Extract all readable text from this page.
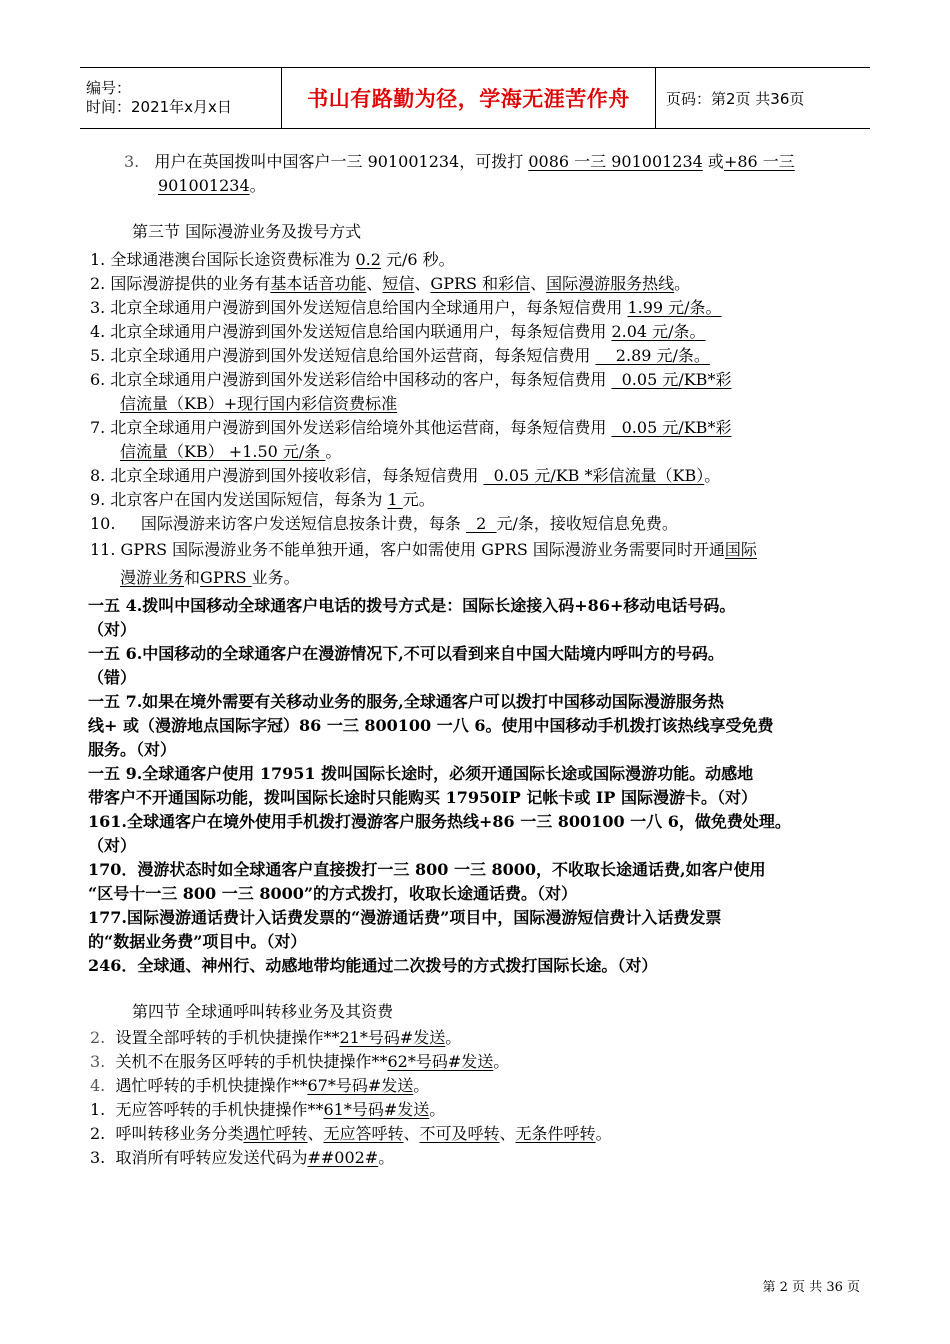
编号：
时间：2021年x月x日	书山有路勤为径，学海无涯苦作舟 页码：第2页 共36页
3. 用户在英国拨叫中国客户一三 901001234，可拨打 0086 一三 901001234 或+86 一三
901001234。
第三节 国际漫游业务及拨号方式
1. 全球通港澳台国际长途资费标准为 0.2 元/6 秒。
2. 国际漫游提供的业务有基本话音功能、短信、GPRS 和彩信、国际漫游服务热线。
3. 北京全球通用户漫游到国外发送短信息给国内全球通用户，每条短信费用 1.99 元/条。
4. 北京全球通用户漫游到国外发送短信息给国内联通用户，每条短信费用 2.04 元/条。
5. 北京全球通用户漫游到国外发送短信息给国外运营商，每条短信费用     2.89 元/条。
6. 北京全球通用户漫游到国外发送彩信给中国移动的客户，每条短信费用   0.05 元/KB*彩
信流量（KB）+现行国内彩信资费标准
7. 北京全球通用户漫游到国外发送彩信给境外其他运营商，每条短信费用   0.05 元/KB*彩
信流量（KB） +1.50 元/条 。
8. 北京全球通用户漫游到国外接收彩信，每条短信费用   0.05 元/KB *彩信流量（KB）。
9. 北京客户在国内发送国际短信，每条为 1 元。
10.     国际漫游来访客户发送短信息按条计费，每条   2  元/条，接收短信息免费。
11. GPRS 国际漫游业务不能单独开通，客户如需使用 GPRS 国际漫游业务需要同时开通国际
漫游业务和GPRS 业务。
一五 4.拨叫中国移动全球通客户电话的拨号方式是：国际长途接入码+86+移动电话号码。
（对）
一五 6.中国移动的全球通客户在漫游情况下,不可以看到来自中国大陆境内呼叫方的号码。
（错）
一五 7.如果在境外需要有关移动业务的服务,全球通客户可以拨打中国移动国际漫游服务热
线+ 或（漫游地点国际字冠）86 一三 800100 一八 6。使用中国移动手机拨打该热线享受免费
服务。（对）
一五 9.全球通客户使用 17951 拨叫国际长途时，必须开通国际长途或国际漫游功能。动感地
带客户不开通国际功能，拨叫国际长途时只能购买 17950IP 记帐卡或 IP 国际漫游卡。（对）
161.全球通客户在境外使用手机拨打漫游客户服务热线+86 一三 800100 一八 6，做免费处理。
（对）
170．漫游状态时如全球通客户直接拨打一三 800 一三 8000，不收取长途通话费,如客户使用
“区号十一三 800 一三 8000”的方式拨打，收取长途通话费。（对）
177.国际漫游通话费计入话费发票的“漫游通话费”项目中，国际漫游短信费计入话费发票
的“数据业务费”项目中。（对）
246．全球通、神州行、动感地带均能通过二次拨号的方式拨打国际长途。（对）
第四节 全球通呼叫转移业务及其资费
2.  设置全部呼转的手机快捷操作**21*号码#发送。
3.  关机不在服务区呼转的手机快捷操作**62*号码#发送。
4.  遇忙呼转的手机快捷操作**67*号码#发送。
1.  无应答呼转的手机快捷操作**61*号码#发送。
2.  呼叫转移业务分类遇忙呼转、无应答呼转、不可及呼转、无条件呼转。
3.  取消所有呼转应发送代码为##002#。
第 2 页 共 36 页
